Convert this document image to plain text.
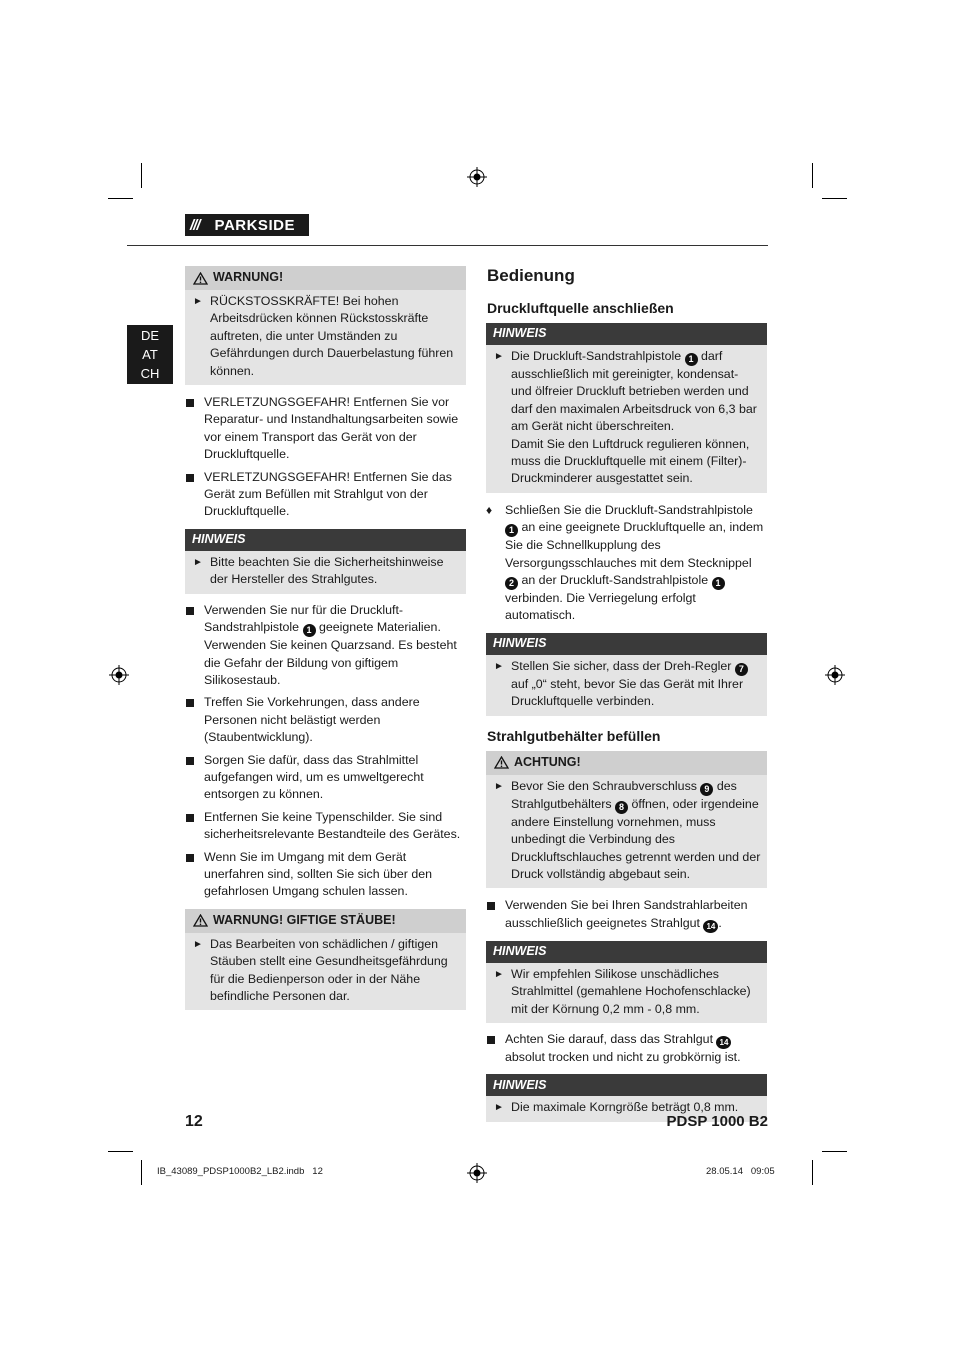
///	PARKSIDE
DE
AT
CH
WARNUNG!
► RÜCKSTOSSKRÄFTE! Bei hohen Arbeitsdrücken können Rückstosskräfte auftreten, die unter Umständen zu Gefährdungen durch Dauerbelastung führen können.
VERLETZUNGSGEFAHR! Entfernen Sie vor Reparatur- und Instandhaltungsarbeiten sowie vor einem Transport das Gerät von der Druckluftquelle.
VERLETZUNGSGEFAHR! Entfernen Sie das Gerät zum Befüllen mit Strahlgut von der Druckluftquelle.
HINWEIS
► Bitte beachten Sie die Sicherheitshinweise der Hersteller des Strahlgutes.
Verwenden Sie nur für die Druckluft-Sandstrahlpistole 1 geeignete Materialien. Verwenden Sie keinen Quarzsand. Es besteht die Gefahr der Bildung von giftigem Silikosestaub.
Treffen Sie Vorkehrungen, dass andere Personen nicht belästigt werden (Staubentwicklung).
Sorgen Sie dafür, dass das Strahlmittel aufgefangen wird, um es umweltgerecht entsorgen zu können.
Entfernen Sie keine Typenschilder. Sie sind sicherheitsrelevante Bestandteile des Gerätes.
Wenn Sie im Umgang mit dem Gerät unerfahren sind, sollten Sie sich über den gefahrlosen Umgang schulen lassen.
WARNUNG! GIFTIGE STÄUBE!
► Das Bearbeiten von schädlichen / giftigen Stäuben stellt eine Gesundheitsgefährdung für die Bedienperson oder in der Nähe befindliche Personen dar.
Bedienung
Druckluftquelle anschließen
HINWEIS
► Die Druckluft-Sandstrahlpistole 1 darf ausschließlich mit gereinigter, kondensat- und ölfreier Druckluft betrieben werden und darf den maximalen Arbeitsdruck von 6,3 bar am Gerät nicht überschreiten.
Damit Sie den Luftdruck regulieren können, muss die Druckluftquelle mit einem (Filter)-Druckminderer ausgestattet sein.
♦ Schließen Sie die Druckluft-Sandstrahlpistole 1 an eine geeignete Druckluftquelle an, indem Sie die Schnellkupplung des Versorgungsschlauches mit dem Stecknippel 2 an der Druckluft-Sandstrahlpistole 1 verbinden. Die Verriegelung erfolgt automatisch.
HINWEIS
► Stellen Sie sicher, dass der Dreh-Regler 7 auf „0“ steht, bevor Sie das Gerät mit Ihrer Druckluftquelle verbinden.
Strahlgutbehälter befüllen
ACHTUNG!
► Bevor Sie den Schraubverschluss 9 des Strahlgutbehälters 8 öffnen, oder irgendeine andere Einstellung vornehmen, muss unbedingt die Verbindung des Druckluftschlauches getrennt werden und der Druck vollständig abgebaut sein.
Verwenden Sie bei Ihren Sandstrahlarbeiten ausschließlich geeignetes Strahlgut 14 .
HINWEIS
► Wir empfehlen Silikose unschädliches Strahlmittel (gemahlene Hochofenschlacke) mit der Körnung 0,2 mm - 0,8 mm.
Achten Sie darauf, dass das Strahlgut 14 absolut trocken und nicht zu grobkörnig ist.
HINWEIS
► Die maximale Korngröße beträgt 0,8 mm.
12	PDSP 1000 B2
IB_43089_PDSP1000B2_LB2.indb   12	28.05.14   09:05
